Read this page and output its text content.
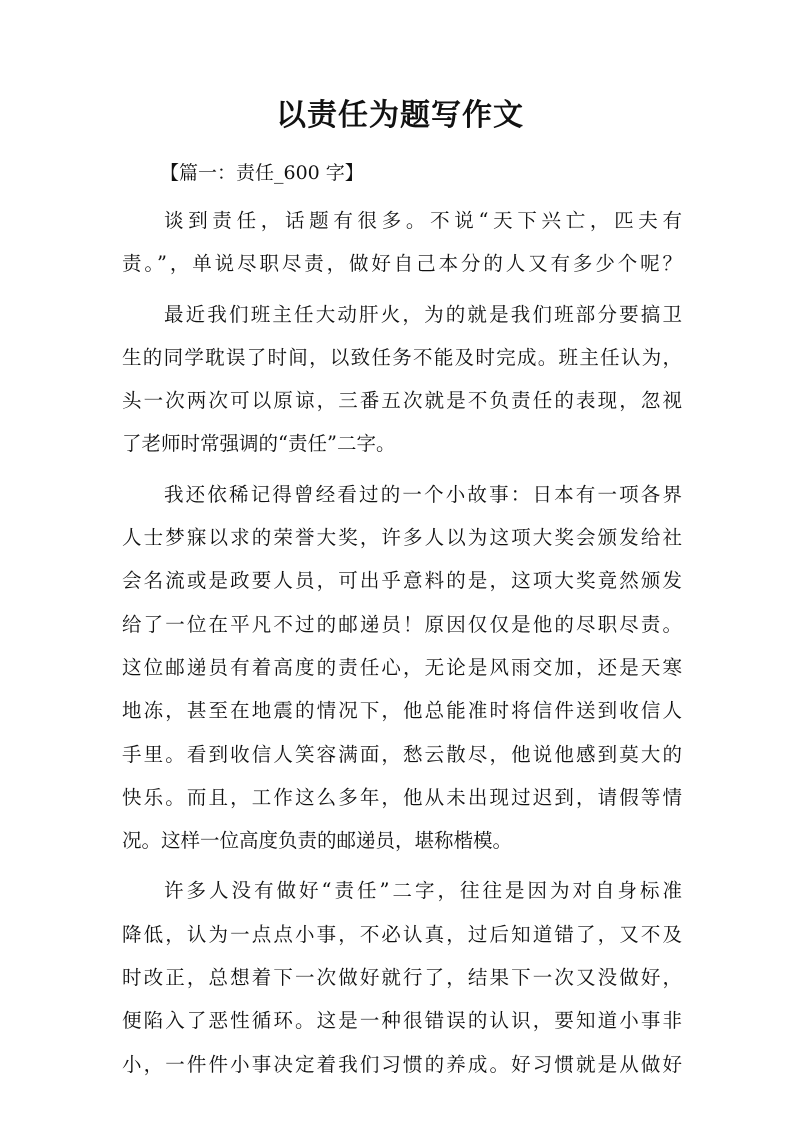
以责任为题写作文
【篇一：责任_600 字】
谈到责任，话题有很多。不说“天下兴亡，匹夫有
责。”，单说尽职尽责，做好自己本分的人又有多少个呢？
最近我们班主任大动肝火，为的就是我们班部分要搞卫
生的同学耽误了时间，以致任务不能及时完成。班主任认为，
头一次两次可以原谅，三番五次就是不负责任的表现，忽视
了老师时常强调的“责任”二字。
我还依稀记得曾经看过的一个小故事：日本有一项各界
人士梦寐以求的荣誉大奖，许多人以为这项大奖会颁发给社
会名流或是政要人员，可出乎意料的是，这项大奖竟然颁发
给了一位在平凡不过的邮递员！原因仅仅是他的尽职尽责。
这位邮递员有着高度的责任心，无论是风雨交加，还是天寒
地冻，甚至在地震的情况下，他总能准时将信件送到收信人
手里。看到收信人笑容满面，愁云散尽，他说他感到莫大的
快乐。而且，工作这么多年，他从未出现过迟到，请假等情
况。这样一位高度负责的邮递员，堪称楷模。
许多人没有做好“责任”二字，往往是因为对自身标准
降低，认为一点点小事，不必认真，过后知道错了，又不及
时改正，总想着下一次做好就行了，结果下一次又没做好，
便陷入了恶性循环。这是一种很错误的认识，要知道小事非
小，一件件小事决定着我们习惯的养成。好习惯就是从做好
